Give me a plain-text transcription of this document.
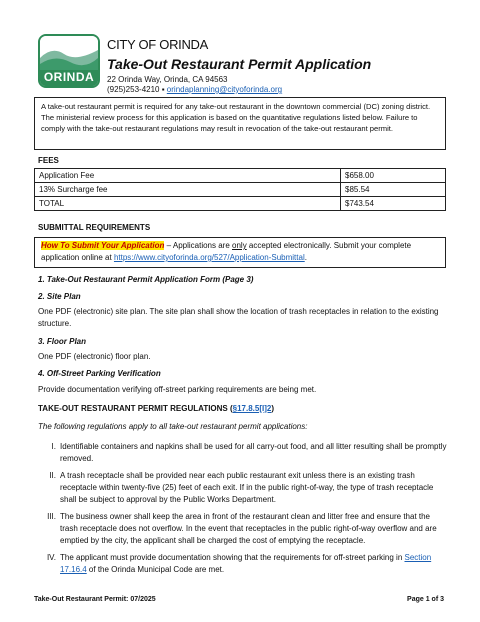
ORINDA
CITY OF ORINDA
Take-Out Restaurant Permit Application
22 Orinda Way, Orinda, CA 94563
(925)253-4210 ▪ orindaplanning@cityoforinda.org
A take-out restaurant permit is required for any take-out restaurant in the downtown commercial (DC) zoning district. The ministerial review process for this application is based on the quantitative regulations listed below. Failure to comply with the take-out restaurant regulations may result in revocation of the take-out restaurant permit.
FEES
Application Fee	$658.00
13% Surcharge fee	$85.54
TOTAL	$743.54
SUBMITTAL REQUIREMENTS
How To Submit Your Application – Applications are only accepted electronically. Submit your complete application online at https://www.cityoforinda.org/527/Application-Submittal.
1. Take-Out Restaurant Permit Application Form (Page 3)
2. Site Plan
One PDF (electronic) site plan. The site plan shall show the location of trash receptacles in relation to the existing structure.
3. Floor Plan
One PDF (electronic) floor plan.
4. Off-Street Parking Verification
Provide documentation verifying off-street parking requirements are being met.
TAKE-OUT RESTAURANT PERMIT REGULATIONS (§17.8.5[I]2)
The following regulations apply to all take-out restaurant permit applications:
I. Identifiable containers and napkins shall be used for all carry-out food, and all litter resulting shall be promptly removed.
II. A trash receptacle shall be provided near each public restaurant exit unless there is an existing trash receptacle within twenty-five (25) feet of each exit. If in the public right-of-way, the type of trash receptacle shall be subject to approval by the Public Works Department.
III. The business owner shall keep the area in front of the restaurant clean and litter free and ensure that the trash receptacle does not overflow. In the event that receptacles in the public right-of-way overflow and are emptied by the city, the applicant shall be charged the cost of emptying the receptacle.
IV. The applicant must provide documentation showing that the requirements for off-street parking in Section 17.16.4 of the Orinda Municipal Code are met.
Take-Out Restaurant Permit: 07/2025	Page 1 of 3
